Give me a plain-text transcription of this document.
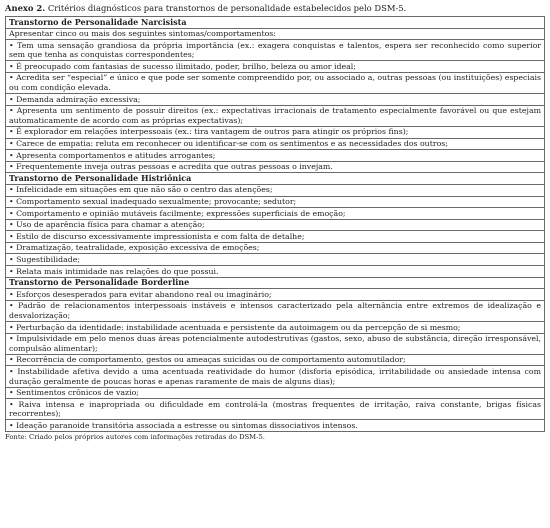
Anexo 2. Critérios diagnósticos para transtornos de personalidade estabelecidos pelo DSM-5.
Transtorno de Personalidade Narcisista
Apresentar cinco ou mais dos seguintes sintomas/comportamentos:
• Tem uma sensação grandiosa da própria importância (ex.: exagera conquistas e talentos, espera ser reconhecido como superior sem que tenha as conquistas correspondentes;
• É preocupado com fantasias de sucesso ilimitado, poder, brilho, beleza ou amor ideal;
• Acredita ser “especial” e único e que pode ser somente compreendido por, ou associado a, outras pessoas (ou instituições) especiais ou com condição elevada.
• Demanda admiração excessiva;
• Apresenta um sentimento de possuir direitos (ex.: expectativas irracionais de tratamento especialmente favorável ou que estejam automaticamente de acordo com as próprias expectativas);
• É explorador em relações interpessoais (ex.: tira vantagem de outros para atingir os próprios fins);
• Carece de empatia: reluta em reconhecer ou identificar-se com os sentimentos e as necessidades dos outros;
• Apresenta comportamentos e atitudes arrogantes;
• Frequentemente inveja outras pessoas e acredita que outras pessoas o invejam.
Transtorno de Personalidade Histriônica
• Infelicidade em situações em que não são o centro das atenções;
• Comportamento sexual inadequado sexualmente; provocante; sedutor;
• Comportamento e opinião mutáveis facilmente; expressões superficiais de emoção;
• Uso de aparência física para chamar a atenção;
• Estilo de discurso excessivamente impressionista e com falta de detalhe;
• Dramatização, teatralidade, exposição excessiva de emoções;
• Sugestibilidade;
• Relata mais intimidade nas relações do que possui.
Transtorno de Personalidade Borderline
• Esforços desesperados para evitar abandono real ou imaginário;
• Padrão de relacionamentos interpessoais instáveis e intensos caracterizado pela alternância entre extremos de idealização e desvalorização;
• Perturbação da identidade: instabilidade acentuada e persistente da autoimagem ou da percepção de si mesmo;
• Impulsividade em pelo menos duas áreas potencialmente autodestrutivas (gastos, sexo, abuso de substância, direção irresponsável, compulsão alimentar);
• Recorrência de comportamento, gestos ou ameaças suicidas ou de comportamento automutilador;
• Instabilidade afetiva devido a uma acentuada reatividade do humor (disforia episódica, irritabilidade ou ansiedade intensa com duração geralmente de poucas horas e apenas raramente de mais de alguns dias);
• Sentimentos crônicos de vazio;
• Raiva intensa e inapropriada ou dificuldade em controlá-la (mostras frequentes de irritação, raiva constante, brigas físicas recorrentes);
• Ideação paranoide transitória associada a estresse ou sintomas dissociativos intensos.
Fonte: Criado pelos próprios autores com informações retiradas do DSM-5.
